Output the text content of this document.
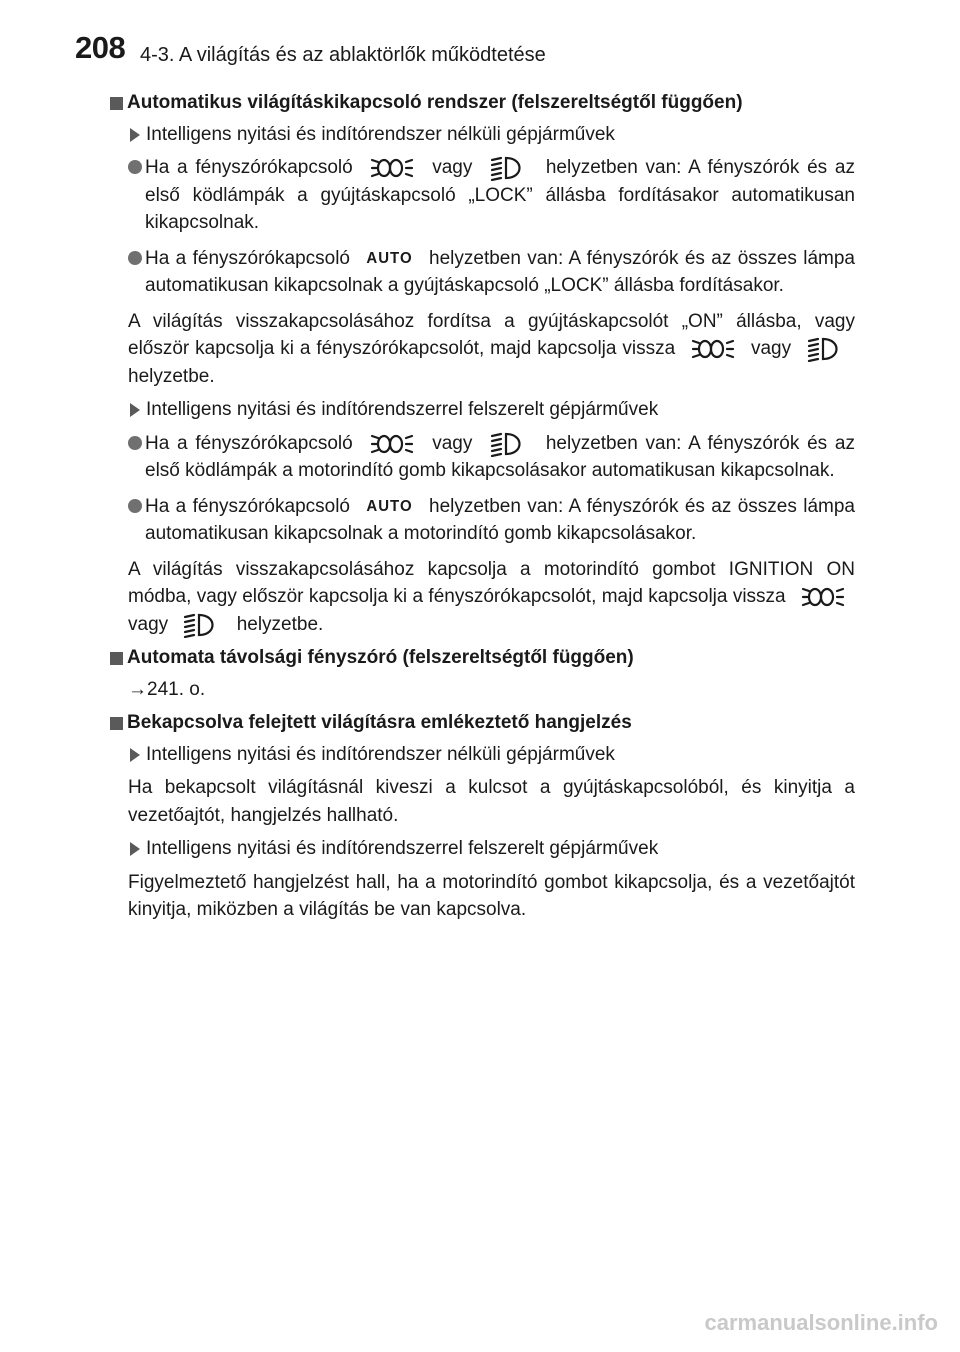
208 4-3. A világítás és az ablaktörlők működtetése
Automatikus világításkikapcsoló rendszer (felszereltségtől függően)
Intelligens nyitási és indítórendszer nélküli gépjárművek
Ha a fényszórókapcsoló	vagy	helyzetben van: A fényszórók és az első ködlámpák a gyújtáskapcsoló „LOCK” állásba fordításakor automatikusan kikapcsolnak.
Ha a fényszórókapcsoló AUTO helyzetben van: A fényszórók és az összes lámpa automatikusan kikapcsolnak a gyújtáskapcsoló „LOCK” állásba fordításakor.
A világítás visszakapcsolásához fordítsa a gyújtáskapcsolót „ON” állásba, vagy először kapcsolja ki a fényszórókapcsolót, majd kapcsolja vissza	vagy
helyzetbe.
Intelligens nyitási és indítórendszerrel felszerelt gépjárművek
Ha a fényszórókapcsoló	vagy	helyzetben van: A fényszórók és az első ködlámpák a motorindító gomb kikapcsolásakor automatikusan kikapcsolnak.
Ha a fényszórókapcsoló AUTO helyzetben van: A fényszórók és az összes lámpa automatikusan kikapcsolnak a motorindító gomb kikapcsolásakor.
A világítás visszakapcsolásához kapcsolja a motorindító gombot IGNITION ON módba, vagy először kapcsolja ki a fényszórókapcsolót, majd kapcsolja vissza
vagy	helyzetbe.
Automata távolsági fényszóró (felszereltségtől függően)
→241. o.
Bekapcsolva felejtett világításra emlékeztető hangjelzés
Intelligens nyitási és indítórendszer nélküli gépjárművek
Ha bekapcsolt világításnál kiveszi a kulcsot a gyújtáskapcsolóból, és kinyitja a vezetőajtót, hangjelzés hallható.
Intelligens nyitási és indítórendszerrel felszerelt gépjárművek
Figyelmeztető hangjelzést hall, ha a motorindító gombot kikapcsolja, és a vezetőajtót kinyitja, miközben a világítás be van kapcsolva.
carmanualsonline.info
